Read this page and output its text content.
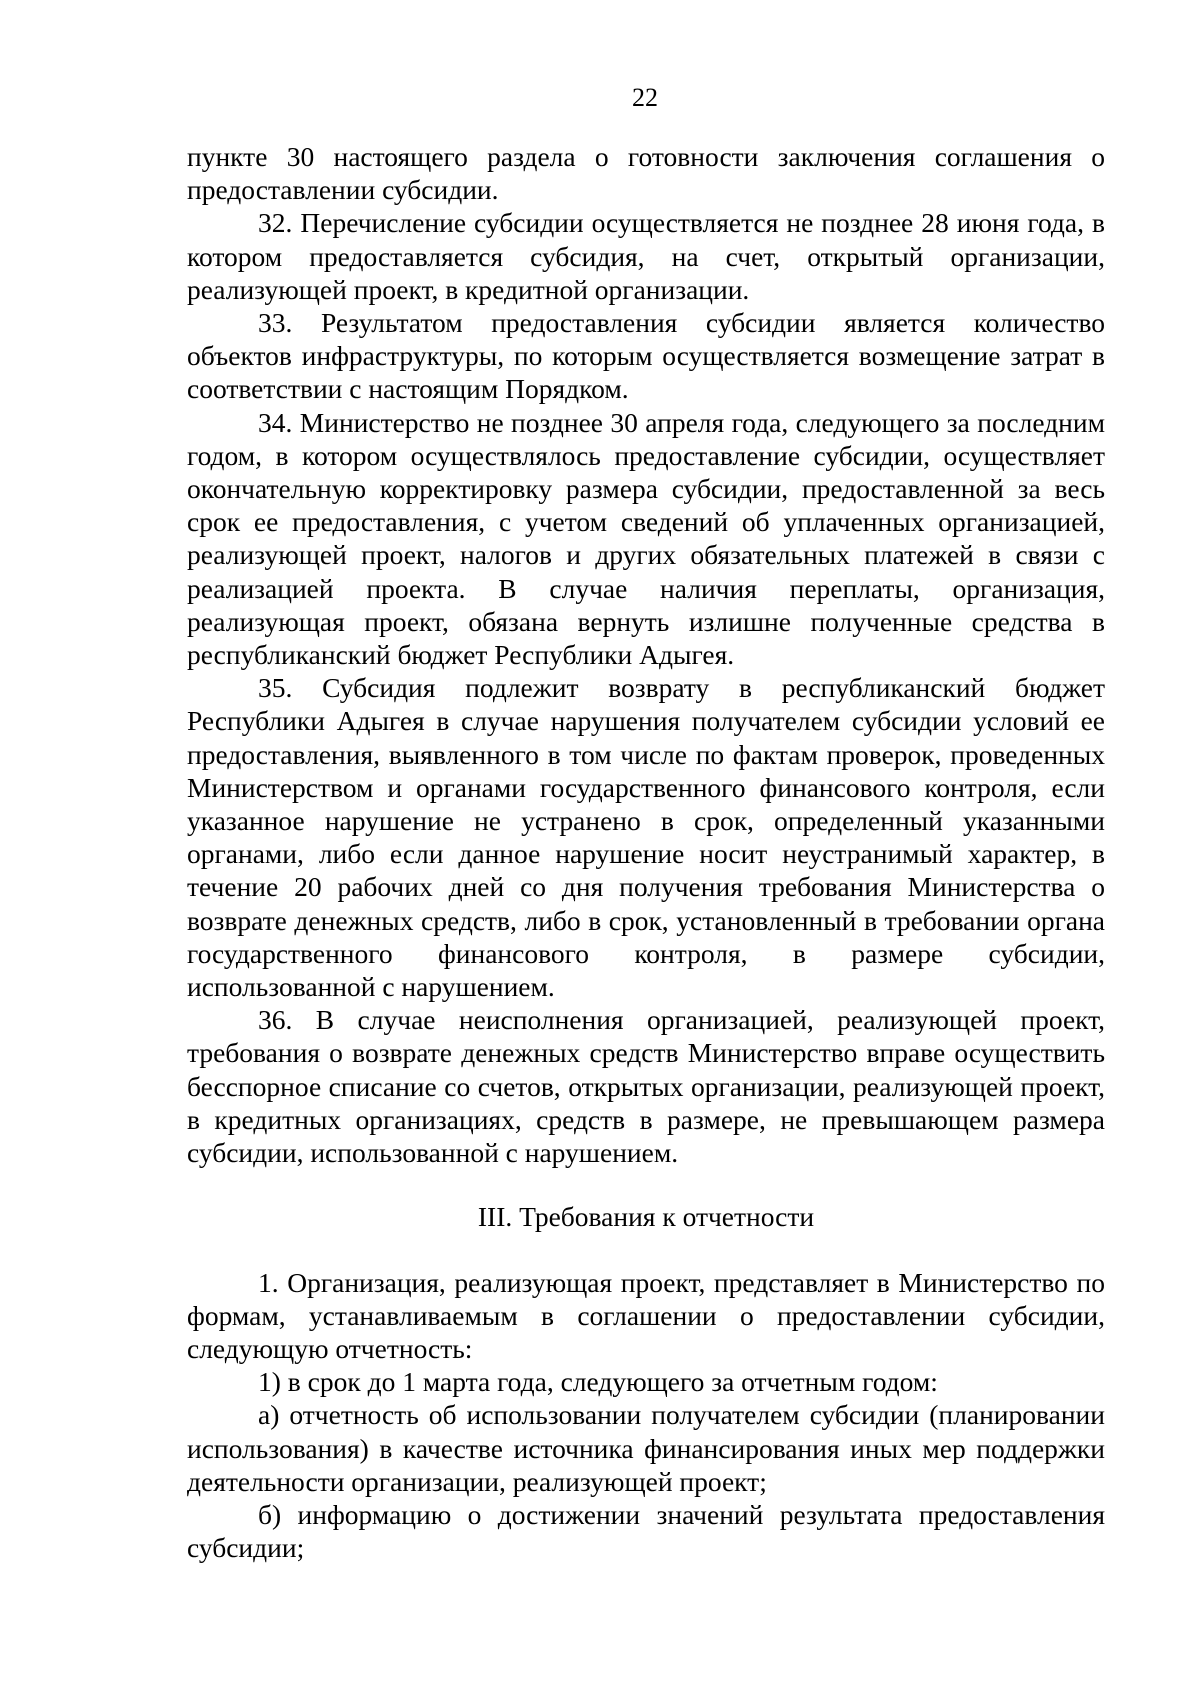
22

пункте 30 настоящего раздела о готовности заключения соглашения о предоставлении субсидии.

32. Перечисление субсидии осуществляется не позднее 28 июня года, в котором предоставляется субсидия, на счет, открытый организации, реализующей проект, в кредитной организации.

33. Результатом предоставления субсидии является количество объектов инфраструктуры, по которым осуществляется возмещение затрат в соответствии с настоящим Порядком.

34. Министерство не позднее 30 апреля года, следующего за последним годом, в котором осуществлялось предоставление субсидии, осуществляет окончательную корректировку размера субсидии, предоставленной за весь срок ее предоставления, с учетом сведений об уплаченных организацией, реализующей проект, налогов и других обязательных платежей в связи с реализацией проекта. В случае наличия переплаты, организация, реализующая проект, обязана вернуть излишне полученные средства в республиканский бюджет Республики Адыгея.

35. Субсидия подлежит возврату в республиканский бюджет Республики Адыгея в случае нарушения получателем субсидии условий ее предоставления, выявленного в том числе по фактам проверок, проведенных Министерством и органами государственного финансового контроля, если указанное нарушение не устранено в срок, определенный указанными органами, либо если данное нарушение носит неустранимый характер, в течение 20 рабочих дней со дня получения требования Министерства о возврате денежных средств, либо в срок, установленный в требовании органа государственного финансового контроля, в размере субсидии, использованной с нарушением.

36. В случае неисполнения организацией, реализующей проект, требования о возврате денежных средств Министерство вправе осуществить бесспорное списание со счетов, открытых организации, реализующей проект, в кредитных организациях, средств в размере, не превышающем размера субсидии, использованной с нарушением.

III. Требования к отчетности

1. Организация, реализующая проект, представляет в Министерство по формам, устанавливаемым в соглашении о предоставлении субсидии, следующую отчетность:

1) в срок до 1 марта года, следующего за отчетным годом:

а) отчетность об использовании получателем субсидии (планировании использования) в качестве источника финансирования иных мер поддержки деятельности организации, реализующей проект;

б) информацию о достижении значений результата предоставления субсидии;
